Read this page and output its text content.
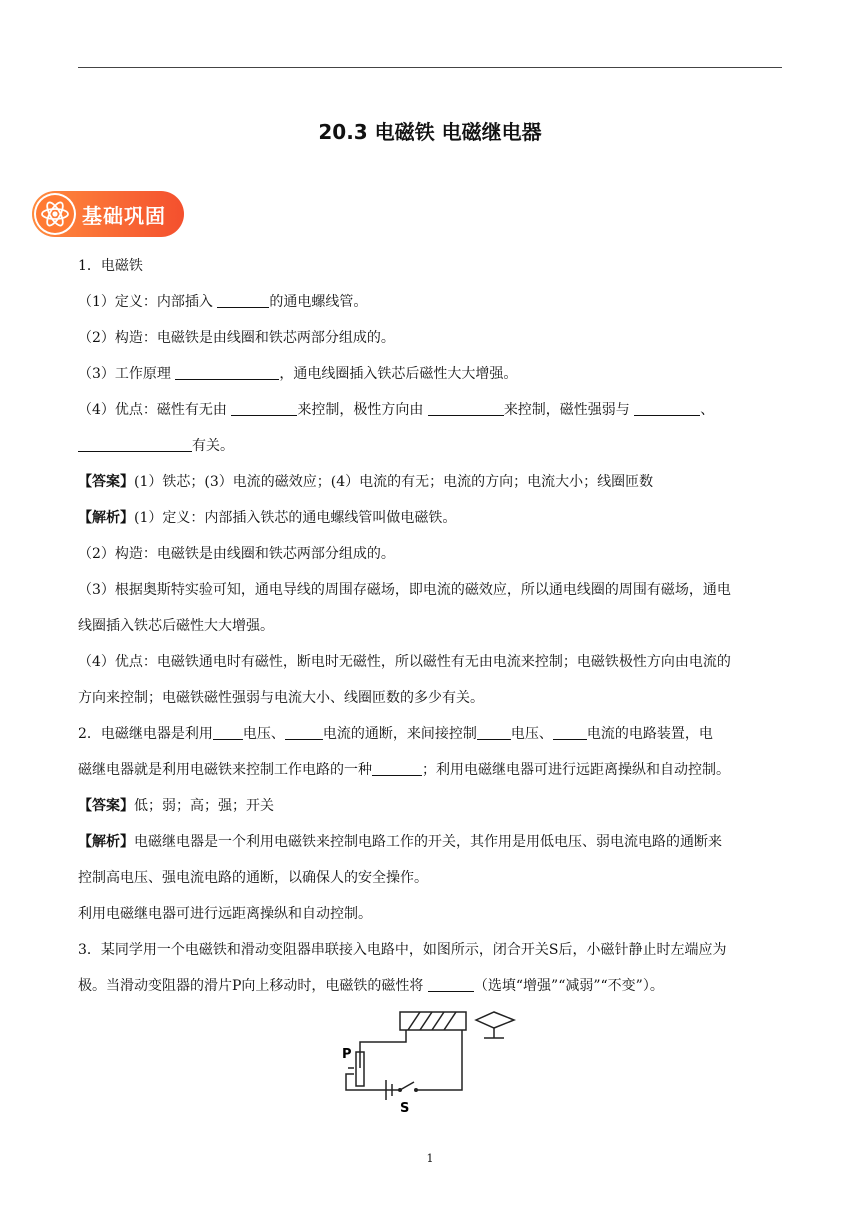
20.3 电磁铁 电磁继电器
基础巩固

1．电磁铁

（1）定义：内部插入	的通电螺线管。

（2）构造：电磁铁是由线圈和铁芯两部分组成的。

（3）工作原理	，通电线圈插入铁芯后磁性大大增强。

（4）优点：磁性有无由	来控制，极性方向由	来控制，磁性强弱与	、

有关。

【答案】(1）铁芯；(3）电流的磁效应；(4）电流的有无；电流的方向；电流大小；线圈匝数

【解析】(1）定义：内部插入铁芯的通电螺线管叫做电磁铁。

（2）构造：电磁铁是由线圈和铁芯两部分组成的。

（3）根据奥斯特实验可知，通电导线的周围存磁场，即电流的磁效应，所以通电线圈的周围有磁场，通电

线圈插入铁芯后磁性大大增强。

（4）优点：电磁铁通电时有磁性，断电时无磁性，所以磁性有无由电流来控制；电磁铁极性方向由电流的

方向来控制；电磁铁磁性强弱与电流大小、线圈匝数的多少有关。

2．电磁继电器是利用 电压、	电流的通断，来间接控制 电压、 电流的电路装置，电

磁继电器就是利用电磁铁来控制工作电路的一种	；利用电磁继电器可进行远距离操纵和自动控制。

【答案】低；弱；高；强；开关

【解析】电磁继电器是一个利用电磁铁来控制电路工作的开关，其作用是用低电压、弱电流电路的通断来

控制高电压、强电流电路的通断，以确保人的安全操作。

利用电磁继电器可进行远距离操纵和自动控制。

3．某同学用一个电磁铁和滑动变阻器串联接入电路中，如图所示，闭合开关S后，小磁针静止时左端应为

极。当滑动变阻器的滑片P向上移动时，电磁铁的磁性将	（选填“增强”“减弱”“不变”）。

P
S
1
